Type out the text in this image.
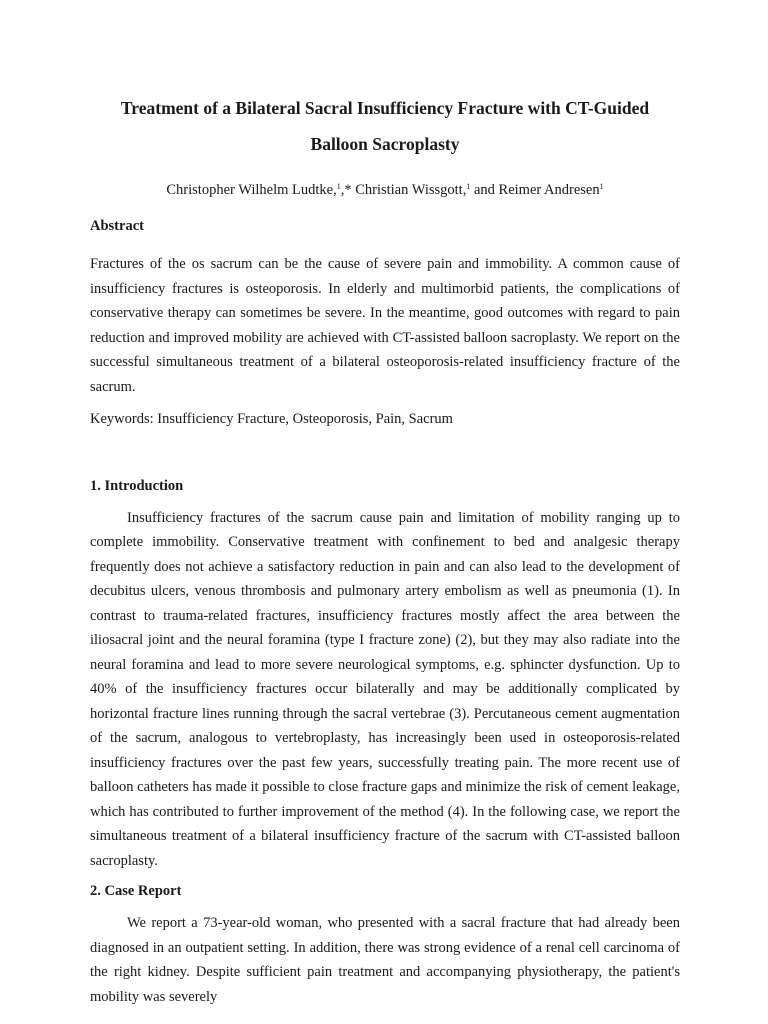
Treatment of a Bilateral Sacral Insufficiency Fracture with CT-Guided Balloon Sacroplasty

Christopher Wilhelm Ludtke,$^1$,* Christian Wissgott,$^1$ and Reimer Andresen$^1$

Abstract

Fractures of the os sacrum can be the cause of severe pain and immobility. A common cause of insufficiency fractures is osteoporosis. In elderly and multimorbid patients, the complications of conservative therapy can sometimes be severe. In the meantime, good outcomes with regard to pain reduction and improved mobility are achieved with CT-assisted balloon sacroplasty. We report on the successful simultaneous treatment of a bilateral osteoporosis-related insufficiency fracture of the sacrum.

Keywords: Insufficiency Fracture, Osteoporosis, Pain, Sacrum

1. Introduction

Insufficiency fractures of the sacrum cause pain and limitation of mobility ranging up to complete immobility. Conservative treatment with confinement to bed and analgesic therapy frequently does not achieve a satisfactory reduction in pain and can also lead to the development of decubitus ulcers, venous thrombosis and pulmonary artery embolism as well as pneumonia (1). In contrast to trauma-related fractures, insufficiency fractures mostly affect the area between the iliosacral joint and the neural foramina (type I fracture zone) (2), but they may also radiate into the neural foramina and lead to more severe neurological symptoms, e.g. sphincter dysfunction. Up to 40% of the insufficiency fractures occur bilaterally and may be additionally complicated by horizontal fracture lines running through the sacral vertebrae (3). Percutaneous cement augmentation of the sacrum, analogous to vertebroplasty, has increasingly been used in osteoporosis-related insufficiency fractures over the past few years, successfully treating pain. The more recent use of balloon catheters has made it possible to close fracture gaps and minimize the risk of cement leakage, which has contributed to further improvement of the method (4). In the following case, we report the simultaneous treatment of a bilateral insufficiency fracture of the sacrum with CT-assisted balloon sacroplasty.

2. Case Report

We report a 73-year-old woman, who presented with a sacral fracture that had already been diagnosed in an outpatient setting. In addition, there was strong evidence of a renal cell carcinoma of the right kidney. Despite sufficient pain treatment and accompanying physiotherapy, the patient's mobility was severely
